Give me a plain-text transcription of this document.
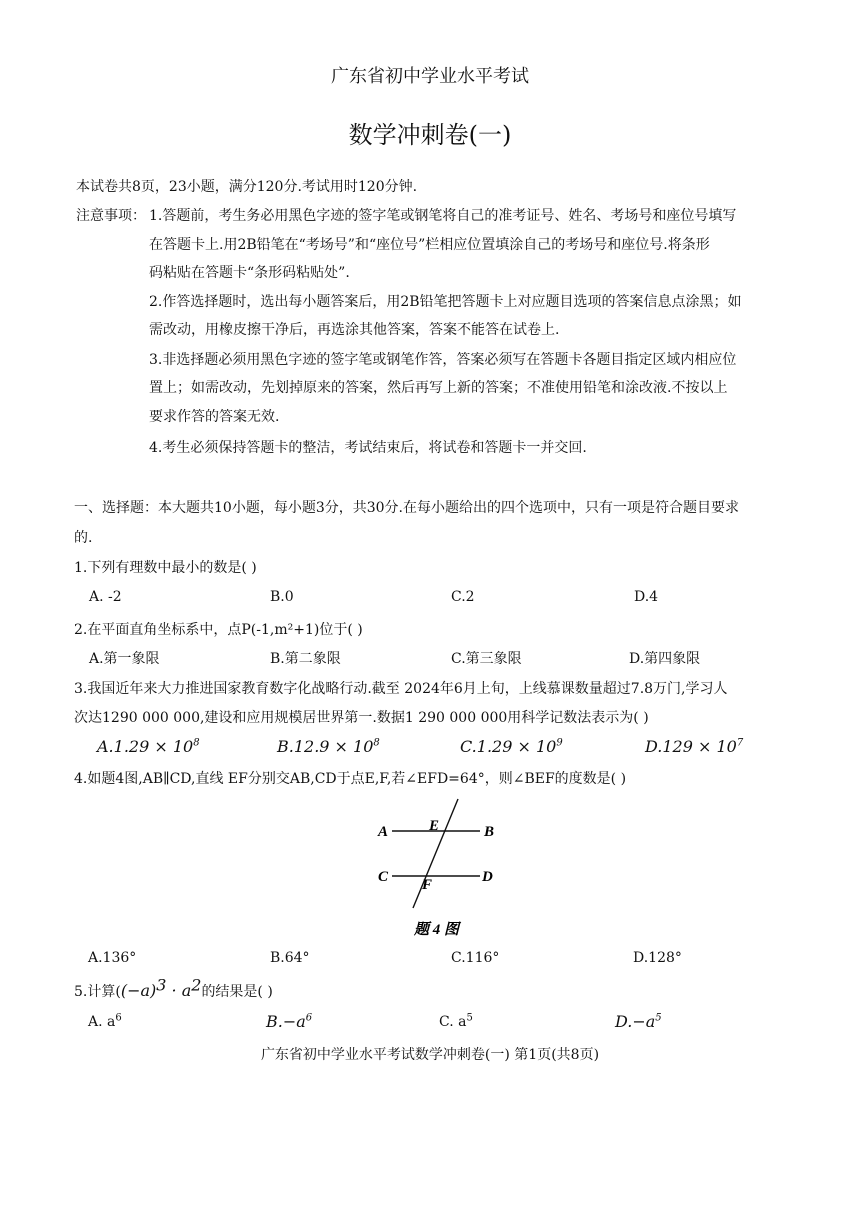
广东省初中学业水平考试
数学冲刺卷(一)
本试卷共8页，23小题，满分120分.考试用时120分钟.
注意事项： 1.答题前，考生务必用黑色字迹的签字笔或钢笔将自己的准考证号、姓名、考场号和座位号填写
在答题卡上.用2B铅笔在“考场号”和“座位号”栏相应位置填涂自己的考场号和座位号.将条形
码粘贴在答题卡“条形码粘贴处”.
2.作答选择题时，选出每小题答案后，用2B铅笔把答题卡上对应题目选项的答案信息点涂黑；如
需改动，用橡皮擦干净后，再选涂其他答案，答案不能答在试卷上.
3.非选择题必须用黑色字迹的签字笔或钢笔作答，答案必须写在答题卡各题目指定区域内相应位
置上；如需改动，先划掉原来的答案，然后再写上新的答案；不准使用铅笔和涂改液.不按以上
要求作答的答案无效.
4.考生必须保持答题卡的整洁，考试结束后，将试卷和答题卡一并交回.
一、选择题：本大题共10小题，每小题3分，共30分.在每小题给出的四个选项中，只有一项是符合题目要求
的.
1.下列有理数中最小的数是( )
A. -2	B.0	C.2	D.4
2.在平面直角坐标系中，点P(-1,m²+1)位于( )
A.第一象限	B.第二象限	C.第三象限	D.第四象限
3.我国近年来大力推进国家教育数字化战略行动.截至 2024年6月上旬，上线慕课数量超过7.8万门,学习人
次达1290 000 000,建设和应用规模居世界第一.数据1 290 000 000用科学记数法表示为( )
$A.1.29 \times 10^8$	$B.12.9 \times 10^8$	$C.1.29 \times 10^9$	$D.129 \times 10^7$
4.如题4图,AB∥CD,直线 EF分别交AB,CD于点E,F,若∠EFD=64°，则∠BEF的度数是( )
A	B
E
C	D
F
题 4 图
A.136°	B.64°	C.116°	D.128°
5.计算($(-a)^3 \cdot a^2$的结果是( )
A. $a^6$	$B.-a^6$	C. $a^5$	$D.-a^5$
广东省初中学业水平考试数学冲刺卷(一) 第1页(共8页)
